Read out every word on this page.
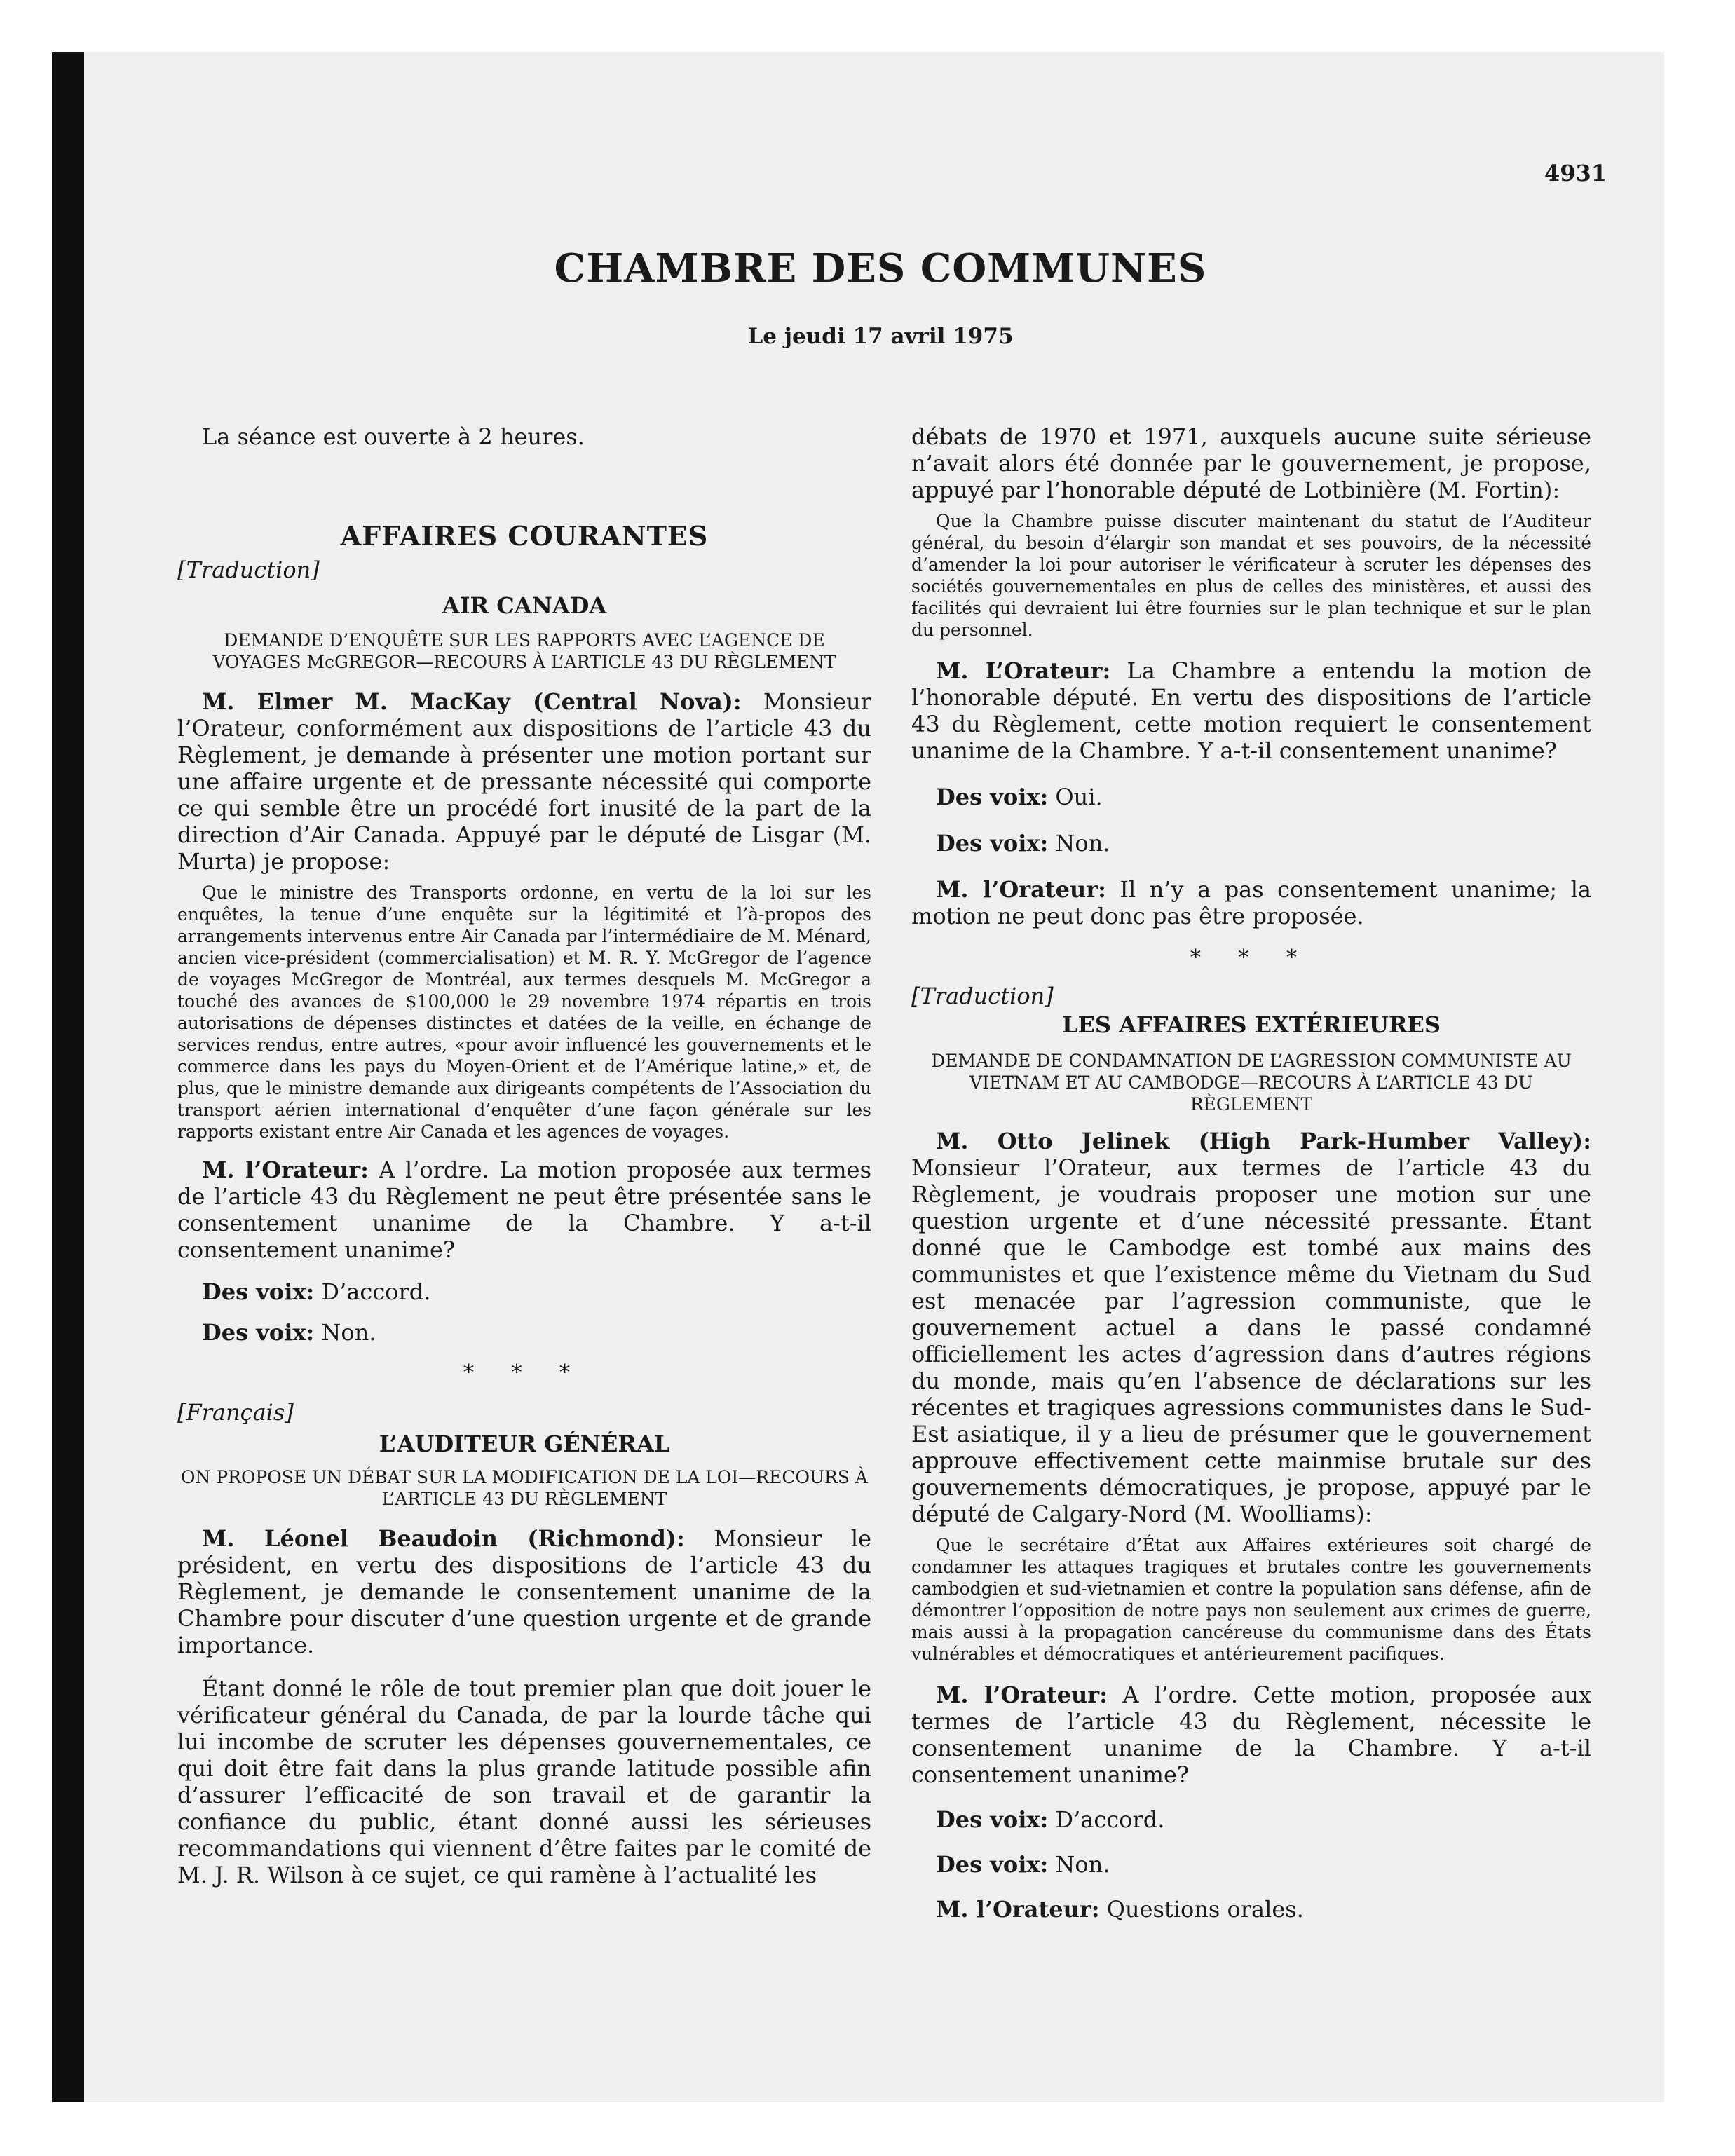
4931
CHAMBRE DES COMMUNES
Le jeudi 17 avril 1975

La séance est ouverte à 2 heures.

AFFAIRES COURANTES

[Traduction]

AIR CANADA

DEMANDE D’ENQUÊTE SUR LES RAPPORTS AVEC L’AGENCE DE VOYAGES McGREGOR—RECOURS À L’ARTICLE 43 DU RÈGLEMENT

M. Elmer M. MacKay (Central Nova): Monsieur l’Orateur, conformément aux dispositions de l’article 43 du Règlement, je demande à présenter une motion portant sur une affaire urgente et de pressante nécessité qui comporte ce qui semble être un procédé fort inusité de la part de la direction d’Air Canada. Appuyé par le député de Lisgar (M. Murta) je propose:

Que le ministre des Transports ordonne, en vertu de la loi sur les enquêtes, la tenue d’une enquête sur la légitimité et l’à-propos des arrangements intervenus entre Air Canada par l’intermédiaire de M. Ménard, ancien vice-président (commercialisation) et M. R. Y. McGregor de l’agence de voyages McGregor de Montréal, aux termes desquels M. McGregor a touché des avances de $100,000 le 29 novembre 1974 répartis en trois autorisations de dépenses distinctes et datées de la veille, en échange de services rendus, entre autres, «pour avoir influencé les gouvernements et le commerce dans les pays du Moyen-Orient et de l’Amérique latine,» et, de plus, que le ministre demande aux dirigeants compétents de l’Association du transport aérien international d’enquêter d’une façon générale sur les rapports existant entre Air Canada et les agences de voyages.

M. l’Orateur: A l’ordre. La motion proposée aux termes de l’article 43 du Règlement ne peut être présentée sans le consentement unanime de la Chambre. Y a-t-il consentement unanime?

Des voix: D’accord.

Des voix: Non.

* * *

[Français]

L’AUDITEUR GÉNÉRAL

ON PROPOSE UN DÉBAT SUR LA MODIFICATION DE LA LOI—RECOURS À L’ARTICLE 43 DU RÈGLEMENT

M. Léonel Beaudoin (Richmond): Monsieur le président, en vertu des dispositions de l’article 43 du Règlement, je demande le consentement unanime de la Chambre pour discuter d’une question urgente et de grande importance.

Étant donné le rôle de tout premier plan que doit jouer le vérificateur général du Canada, de par la lourde tâche qui lui incombe de scruter les dépenses gouvernementales, ce qui doit être fait dans la plus grande latitude possible afin d’assurer l’efficacité de son travail et de garantir la confiance du public, étant donné aussi les sérieuses recommandations qui viennent d’être faites par le comité de M. J. R. Wilson à ce sujet, ce qui ramène à l’actualité les

débats de 1970 et 1971, auxquels aucune suite sérieuse n’avait alors été donnée par le gouvernement, je propose, appuyé par l’honorable député de Lotbinière (M. Fortin):

Que la Chambre puisse discuter maintenant du statut de l’Auditeur général, du besoin d’élargir son mandat et ses pouvoirs, de la nécessité d’amender la loi pour autoriser le vérificateur à scruter les dépenses des sociétés gouvernementales en plus de celles des ministères, et aussi des facilités qui devraient lui être fournies sur le plan technique et sur le plan du personnel.

M. L’Orateur: La Chambre a entendu la motion de l’honorable député. En vertu des dispositions de l’article 43 du Règlement, cette motion requiert le consentement unanime de la Chambre. Y a-t-il consentement unanime?

Des voix: Oui.

Des voix: Non.

M. l’Orateur: Il n’y a pas consentement unanime; la motion ne peut donc pas être proposée.

* * *

[Traduction]

LES AFFAIRES EXTÉRIEURES

DEMANDE DE CONDAMNATION DE L’AGRESSION COMMUNISTE AU VIETNAM ET AU CAMBODGE—RECOURS À L’ARTICLE 43 DU RÈGLEMENT

M. Otto Jelinek (High Park-Humber Valley): Monsieur l’Orateur, aux termes de l’article 43 du Règlement, je voudrais proposer une motion sur une question urgente et d’une nécessité pressante. Étant donné que le Cambodge est tombé aux mains des communistes et que l’existence même du Vietnam du Sud est menacée par l’agression communiste, que le gouvernement actuel a dans le passé condamné officiellement les actes d’agression dans d’autres régions du monde, mais qu’en l’absence de déclarations sur les récentes et tragiques agressions communistes dans le Sud-Est asiatique, il y a lieu de présumer que le gouvernement approuve effectivement cette mainmise brutale sur des gouvernements démocratiques, je propose, appuyé par le député de Calgary-Nord (M. Woolliams):

Que le secrétaire d’État aux Affaires extérieures soit chargé de condamner les attaques tragiques et brutales contre les gouvernements cambodgien et sud-vietnamien et contre la population sans défense, afin de démontrer l’opposition de notre pays non seulement aux crimes de guerre, mais aussi à la propagation cancéreuse du communisme dans des États vulnérables et démocratiques et antérieurement pacifiques.

M. l’Orateur: A l’ordre. Cette motion, proposée aux termes de l’article 43 du Règlement, nécessite le consentement unanime de la Chambre. Y a-t-il consentement unanime?

Des voix: D’accord.

Des voix: Non.

M. l’Orateur: Questions orales.
